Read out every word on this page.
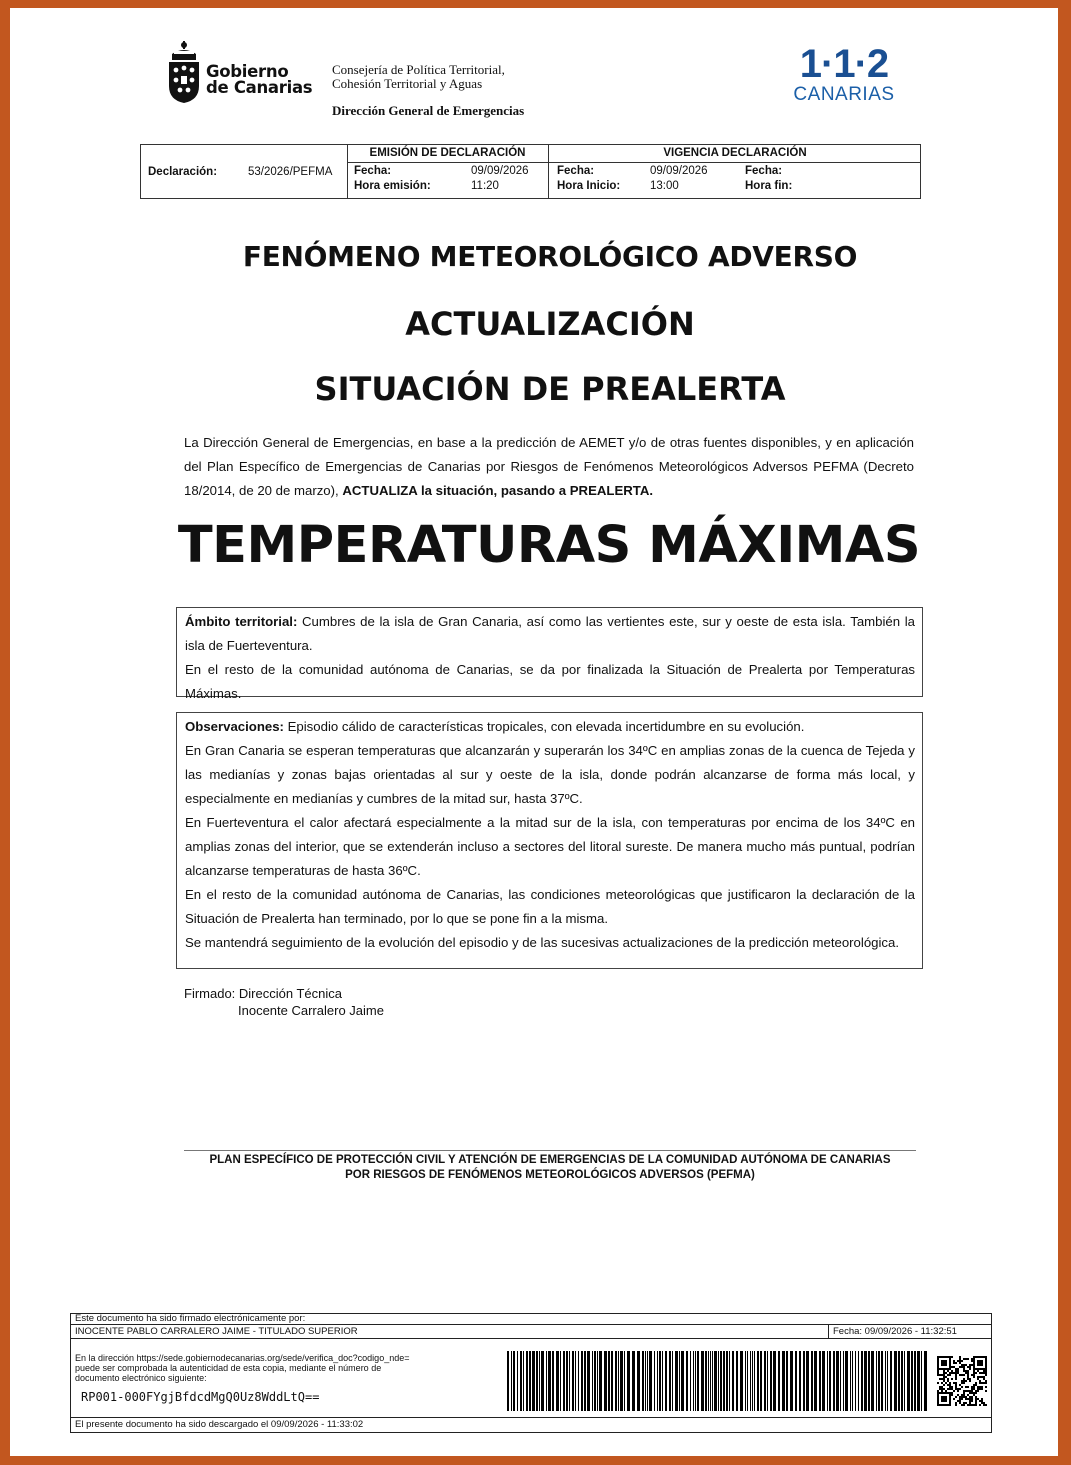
Gobierno
de Canarias
Consejería de Política Territorial,
Cohesión Territorial y Aguas
Dirección General de Emergencias
1·1·2
CANARIAS
Declaración:	53/2026/PEFMA
EMISIÓN DE DECLARACIÓN
Fecha:	09/09/2026
Hora emisión:	11:20
VIGENCIA DECLARACIÓN
Fecha:	09/09/2026
Hora Inicio:	13:00
Fecha:
Hora fin:
FENÓMENO METEOROLÓGICO ADVERSO
ACTUALIZACIÓN
SITUACIÓN DE PREALERTA
La Dirección General de Emergencias, en base a la predicción de AEMET y/o de otras fuentes disponibles, y en aplicación del Plan Específico de Emergencias de Canarias por Riesgos de Fenómenos Meteorológicos Adversos PEFMA (Decreto 18/2014, de 20 de marzo), ACTUALIZA la situación, pasando a PREALERTA.
TEMPERATURAS MÁXIMAS

Ámbito territorial: Cumbres de la isla de Gran Canaria, así como las vertientes este, sur y oeste de esta isla. También la isla de Fuerteventura.

En el resto de la comunidad autónoma de Canarias, se da por finalizada la Situación de Prealerta por Temperaturas Máximas.

Observaciones: Episodio cálido de características tropicales, con elevada incertidumbre en su evolución.

En Gran Canaria se esperan temperaturas que alcanzarán y superarán los 34ºC en amplias zonas de la cuenca de Tejeda y las medianías y zonas bajas orientadas al sur y oeste de la isla, donde podrán alcanzarse de forma más local, y especialmente en medianías y cumbres de la mitad sur, hasta 37ºC.

En Fuerteventura el calor afectará especialmente a la mitad sur de la isla, con temperaturas por encima de los 34ºC en amplias zonas del interior, que se extenderán incluso a sectores del litoral sureste. De manera mucho más puntual, podrían alcanzarse temperaturas de hasta 36ºC.

En el resto de la comunidad autónoma de Canarias, las condiciones meteorológicas que justificaron la declaración de la Situación de Prealerta han terminado, por lo que se pone fin a la misma.

Se mantendrá seguimiento de la evolución del episodio y de las sucesivas actualizaciones de la predicción meteorológica.

Firmado: Dirección Técnica
Inocente Carralero Jaime
PLAN ESPECÍFICO DE PROTECCIÓN CIVIL Y ATENCIÓN DE EMERGENCIAS DE LA COMUNIDAD AUTÓNOMA DE CANARIAS
POR RIESGOS DE FENÓMENOS METEOROLÓGICOS ADVERSOS (PEFMA)
Este documento ha sido firmado electrónicamente por:
INOCENTE PABLO CARRALERO JAIME - TITULADO SUPERIOR	Fecha: 09/09/2026 - 11:32:51
En la dirección https://sede.gobiernodecanarias.org/sede/verifica_doc?codigo_nde=
puede ser comprobada la autenticidad de esta copia, mediante el número de
documento electrónico siguiente:
RP001-000FYgjBfdcdMgQ0Uz8WddLtQ==
El presente documento ha sido descargado el 09/09/2026 - 11:33:02
